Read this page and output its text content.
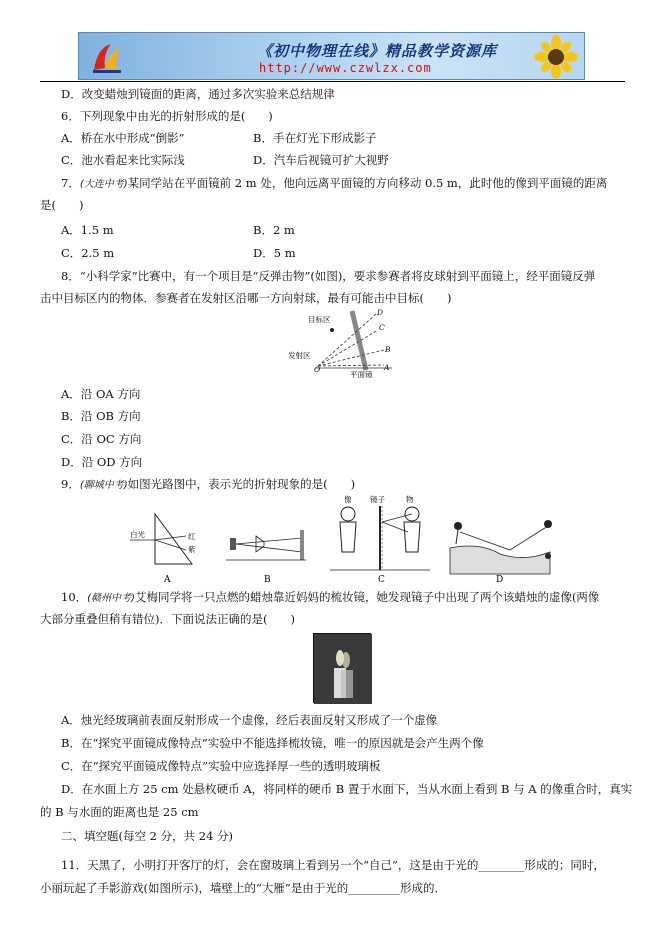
《初中物理在线》精品教学资源库
http://www.czwlzx.com
D．改变蜡烛到镜面的距离，通过多次实验来总结规律
6．下列现象中由光的折射形成的是(　　)
A．桥在水中形成“倒影”	B．手在灯光下形成影子
C．池水看起来比实际浅	D．汽车后视镜可扩大视野
7．(大连中考)某同学站在平面镜前 2 m 处，他向远离平面镜的方向移动 0.5 m，此时他的像到平面镜的距离
是(　　)
A．1.5 m	B．2 m
C．2.5 m	D．5 m
8．“小科学家”比赛中，有一个项目是“反弹击物”(如图)，要求参赛者将皮球射到平面镜上，经平面镜反弹
击中目标区内的物体．参赛者在发射区沿哪一方向射球，最有可能击中目标(　　)
目标区
发射区
平面镜
O	A
B
C
D
A．沿 OA 方向
B．沿 OB 方向
C．沿 OC 方向
D．沿 OD 方向
9．(聊城中考)如图光路图中，表示光的折射现象的是(　　)
白光	红
紫
像 镜子	物
A	B	C	D
10．(赣州中考)艾梅同学将一只点燃的蜡烛靠近妈妈的梳妆镜，她发现镜子中出现了两个该蜡烛的虚像(两像
大部分重叠但稍有错位)．下面说法正确的是(　　)
A．烛光经玻璃前表面反射形成一个虚像，经后表面反射又形成了一个虚像
B．在“探究平面镜成像特点”实验中不能选择梳妆镜，唯一的原因就是会产生两个像
C．在“探究平面镜成像特点”实验中应选择厚一些的透明玻璃板
D．在水面上方 25 cm 处悬枚硬币 A，将同样的硬币 B 置于水面下，当从水面上看到 B 与 A 的像重合时，真实
的 B 与水面的距离也是 25 cm
二、填空题(每空 2 分，共 24 分)
11．天黑了，小明打开客厅的灯，会在窗玻璃上看到另一个“自己”，这是由于光的________形成的；同时，
小丽玩起了手影游戏(如图所示)，墙壁上的“大雁”是由于光的_________形成的．
